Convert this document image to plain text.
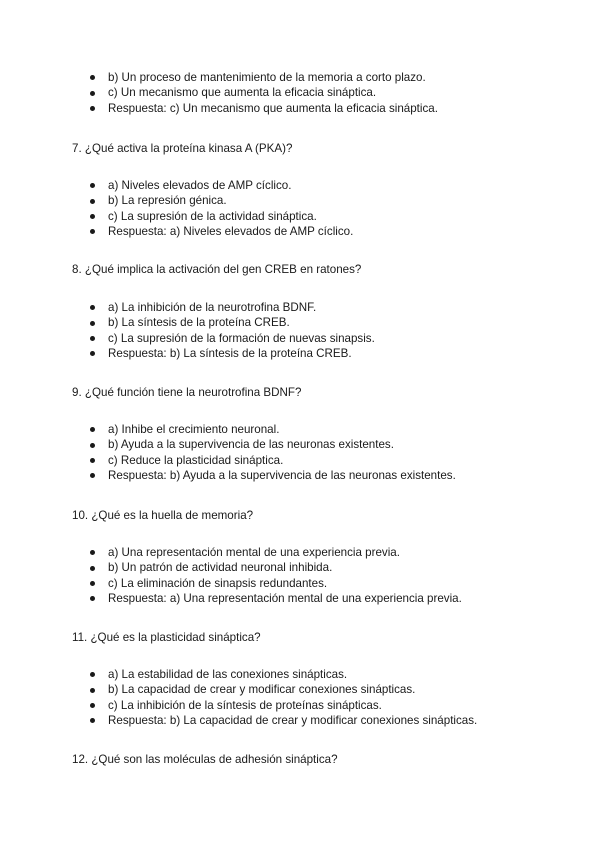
b) Un proceso de mantenimiento de la memoria a corto plazo.
c) Un mecanismo que aumenta la eficacia sináptica.
Respuesta: c) Un mecanismo que aumenta la eficacia sináptica.
7. ¿Qué activa la proteína kinasa A (PKA)?
a) Niveles elevados de AMP cíclico.
b) La represión génica.
c) La supresión de la actividad sináptica.
Respuesta: a) Niveles elevados de AMP cíclico.
8. ¿Qué implica la activación del gen CREB en ratones?
a) La inhibición de la neurotrofina BDNF.
b) La síntesis de la proteína CREB.
c) La supresión de la formación de nuevas sinapsis.
Respuesta: b) La síntesis de la proteína CREB.
9. ¿Qué función tiene la neurotrofina BDNF?
a) Inhibe el crecimiento neuronal.
b) Ayuda a la supervivencia de las neuronas existentes.
c) Reduce la plasticidad sináptica.
Respuesta: b) Ayuda a la supervivencia de las neuronas existentes.
10. ¿Qué es la huella de memoria?
a) Una representación mental de una experiencia previa.
b) Un patrón de actividad neuronal inhibida.
c) La eliminación de sinapsis redundantes.
Respuesta: a) Una representación mental de una experiencia previa.
11. ¿Qué es la plasticidad sináptica?
a) La estabilidad de las conexiones sinápticas.
b) La capacidad de crear y modificar conexiones sinápticas.
c) La inhibición de la síntesis de proteínas sinápticas.
Respuesta: b) La capacidad de crear y modificar conexiones sinápticas.
12. ¿Qué son las moléculas de adhesión sináptica?
